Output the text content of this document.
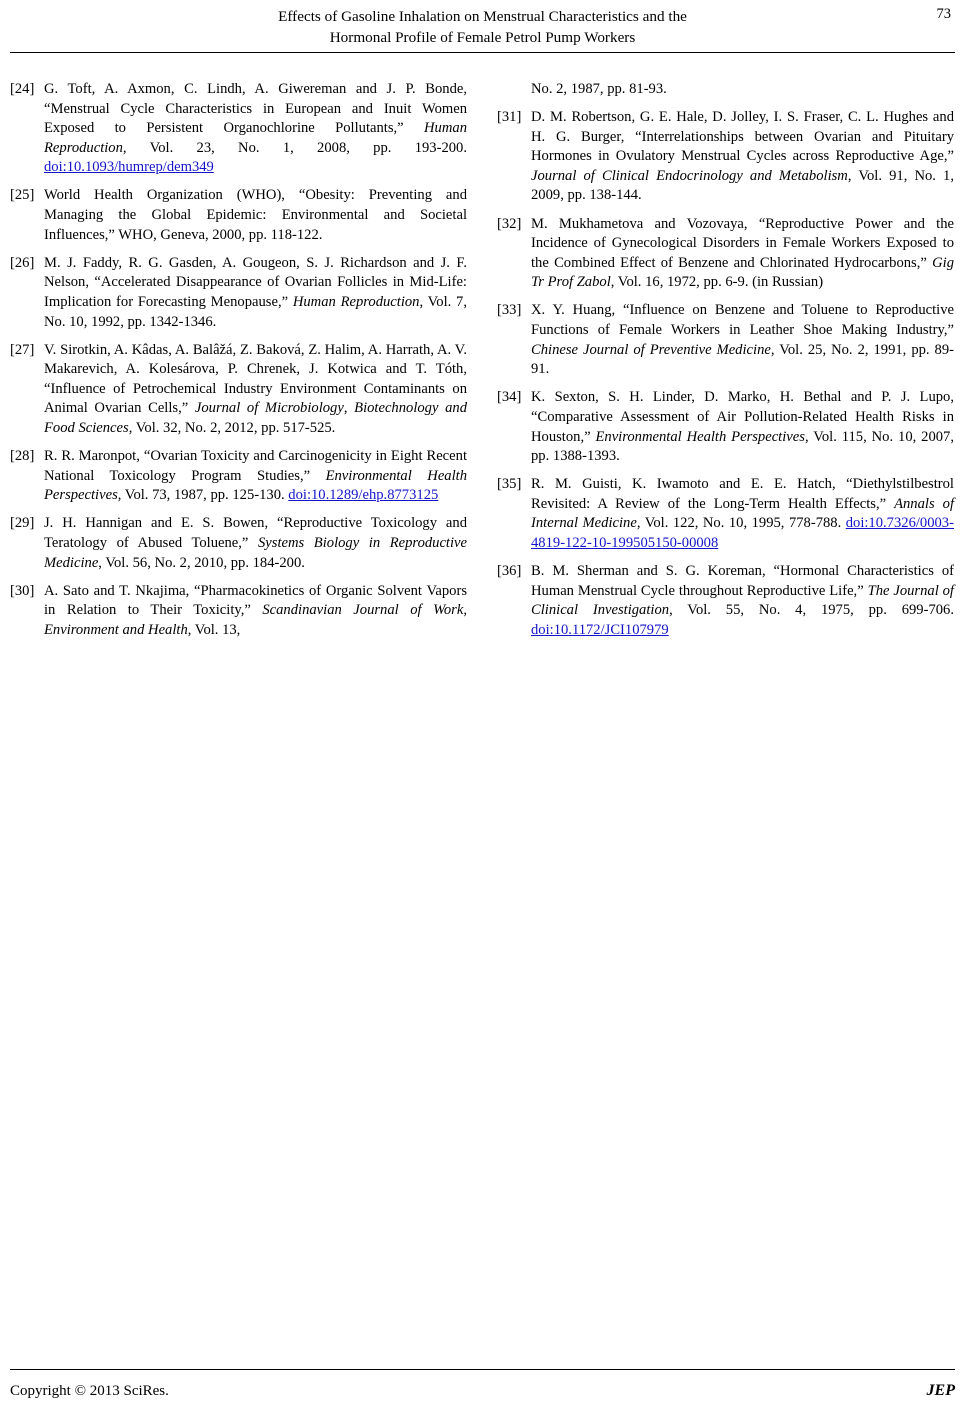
Effects of Gasoline Inhalation on Menstrual Characteristics and the
Hormonal Profile of Female Petrol Pump Workers
73
[24] G. Toft, A. Axmon, C. Lindh, A. Giwereman and J. P. Bonde, “Menstrual Cycle Characteristics in European and Inuit Women Exposed to Persistent Organochlorine Pollutants,” Human Reproduction, Vol. 23, No. 1, 2008, pp. 193-200. doi:10.1093/humrep/dem349
[25] World Health Organization (WHO), “Obesity: Preventing and Managing the Global Epidemic: Environmental and Societal Influences,” WHO, Geneva, 2000, pp. 118-122.
[26] M. J. Faddy, R. G. Gasden, A. Gougeon, S. J. Richardson and J. F. Nelson, “Accelerated Disappearance of Ovarian Follicles in Mid-Life: Implication for Forecasting Menopause,” Human Reproduction, Vol. 7, No. 10, 1992, pp. 1342-1346.
[27] V. Sirotkin, A. Kâdas, A. Balâžá, Z. Baková, Z. Halim, A. Harrath, A. V. Makarevich, A. Kolesárova, P. Chrenek, J. Kotwica and T. Tóth, “Influence of Petrochemical Industry Environment Contaminants on Animal Ovarian Cells,” Journal of Microbiology, Biotechnology and Food Sciences, Vol. 32, No. 2, 2012, pp. 517-525.
[28] R. R. Maronpot, “Ovarian Toxicity and Carcinogenicity in Eight Recent National Toxicology Program Studies,” Environmental Health Perspectives, Vol. 73, 1987, pp. 125-130. doi:10.1289/ehp.8773125
[29] J. H. Hannigan and E. S. Bowen, “Reproductive Toxicology and Teratology of Abused Toluene,” Systems Biology in Reproductive Medicine, Vol. 56, No. 2, 2010, pp. 184-200.
[30] A. Sato and T. Nkajima, “Pharmacokinetics of Organic Solvent Vapors in Relation to Their Toxicity,” Scandinavian Journal of Work, Environment and Health, Vol. 13,
No. 2, 1987, pp. 81-93.
[31] D. M. Robertson, G. E. Hale, D. Jolley, I. S. Fraser, C. L. Hughes and H. G. Burger, “Interrelationships between Ovarian and Pituitary Hormones in Ovulatory Menstrual Cycles across Reproductive Age,” Journal of Clinical Endocrinology and Metabolism, Vol. 91, No. 1, 2009, pp. 138-144.
[32] M. Mukhametova and Vozovaya, “Reproductive Power and the Incidence of Gynecological Disorders in Female Workers Exposed to the Combined Effect of Benzene and Chlorinated Hydrocarbons,” Gig Tr Prof Zabol, Vol. 16, 1972, pp. 6-9. (in Russian)
[33] X. Y. Huang, “Influence on Benzene and Toluene to Reproductive Functions of Female Workers in Leather Shoe Making Industry,” Chinese Journal of Preventive Medicine, Vol. 25, No. 2, 1991, pp. 89-91.
[34] K. Sexton, S. H. Linder, D. Marko, H. Bethal and P. J. Lupo, “Comparative Assessment of Air Pollution-Related Health Risks in Houston,” Environmental Health Perspectives, Vol. 115, No. 10, 2007, pp. 1388-1393.
[35] R. M. Guisti, K. Iwamoto and E. E. Hatch, “Diethylstilbestrol Revisited: A Review of the Long-Term Health Effects,” Annals of Internal Medicine, Vol. 122, No. 10, 1995, 778-788. doi:10.7326/0003-4819-122-10-199505150-00008
[36] B. M. Sherman and S. G. Koreman, “Hormonal Characteristics of Human Menstrual Cycle throughout Reproductive Life,” The Journal of Clinical Investigation, Vol. 55, No. 4, 1975, pp. 699-706. doi:10.1172/JCI107979
Copyright © 2013 SciRes.	JEP
